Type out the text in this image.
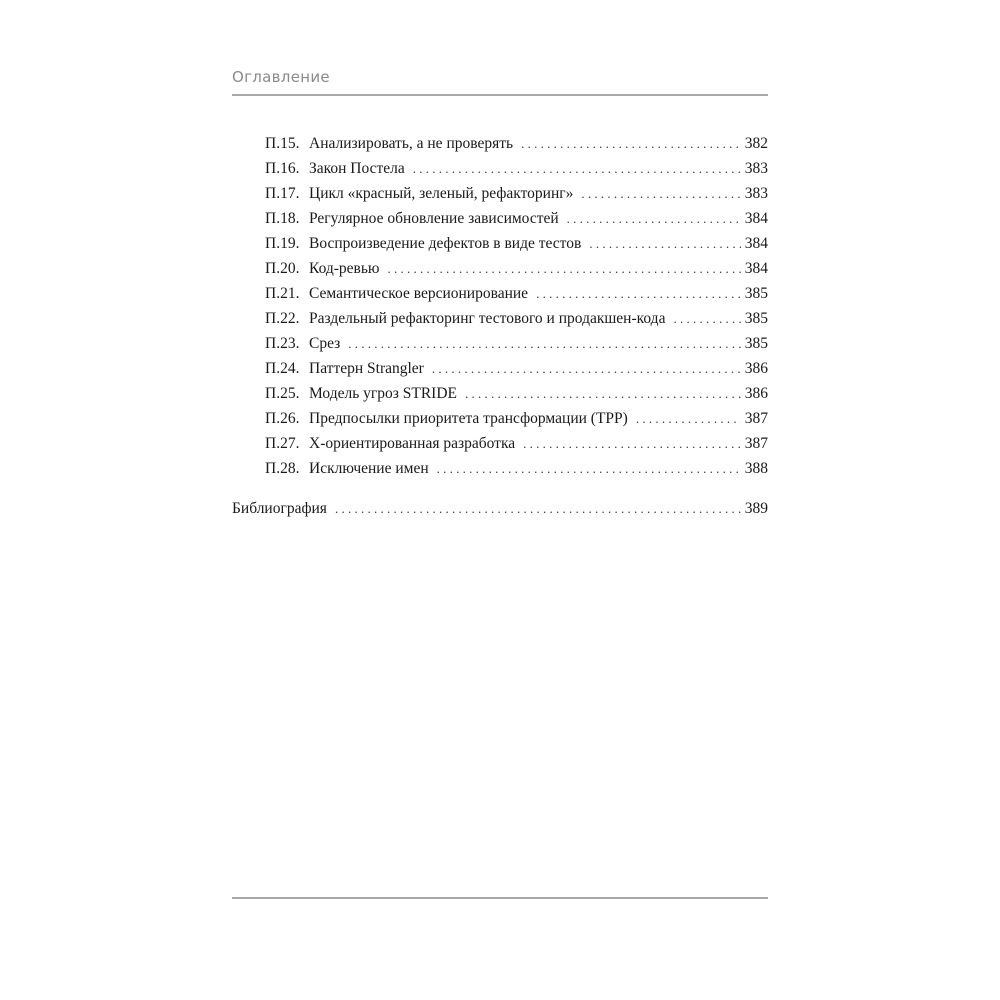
Оглавление
П.15. Анализировать, а не проверять . . .	382
П.16. Закон Постела . . .	383
П.17. Цикл «красный, зеленый, рефакторинг» . . .	383
П.18. Регулярное обновление зависимостей . . .	384
П.19. Воспроизведение дефектов в виде тестов . . .	384
П.20. Код-ревью . . .	384
П.21. Семантическое версионирование . . .	385
П.22. Раздельный рефакторинг тестового и продакшен-кода . . .	385
П.23. Срез . . .	385
П.24. Паттерн Strangler . . .	386
П.25. Модель угроз STRIDE . . .	386
П.26. Предпосылки приоритета трансформации (TPP) . . .	387
П.27. X-ориентированная разработка . . .	387
П.28. Исключение имен . . .	388
Библиография . . .	389
